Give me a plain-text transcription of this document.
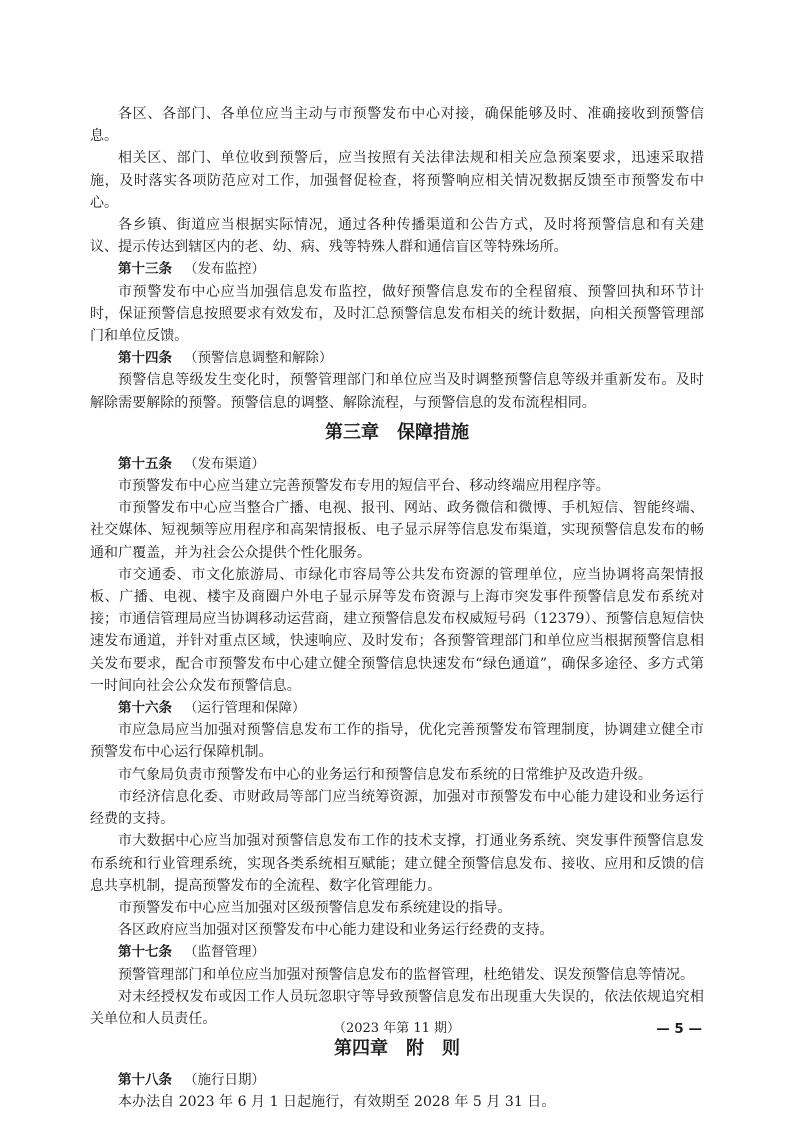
各区、各部门、各单位应当主动与市预警发布中心对接，确保能够及时、准确接收到预警信息。

相关区、部门、单位收到预警后，应当按照有关法律法规和相关应急预案要求，迅速采取措施，及时落实各项防范应对工作，加强督促检查，将预警响应相关情况数据反馈至市预警发布中心。

各乡镇、街道应当根据实际情况，通过各种传播渠道和公告方式，及时将预警信息和有关建议、提示传达到辖区内的老、幼、病、残等特殊人群和通信盲区等特殊场所。

第十三条 （发布监控）

市预警发布中心应当加强信息发布监控，做好预警信息发布的全程留痕、预警回执和环节计时，保证预警信息按照要求有效发布，及时汇总预警信息发布相关的统计数据，向相关预警管理部门和单位反馈。

第十四条 （预警信息调整和解除）

预警信息等级发生变化时，预警管理部门和单位应当及时调整预警信息等级并重新发布。及时解除需要解除的预警。预警信息的调整、解除流程，与预警信息的发布流程相同。

第三章　保障措施

第十五条 （发布渠道）

市预警发布中心应当建立完善预警发布专用的短信平台、移动终端应用程序等。

市预警发布中心应当整合广播、电视、报刊、网站、政务微信和微博、手机短信、智能终端、社交媒体、短视频等应用程序和高架情报板、电子显示屏等信息发布渠道，实现预警信息发布的畅通和广覆盖，并为社会公众提供个性化服务。

市交通委、市文化旅游局、市绿化市容局等公共发布资源的管理单位，应当协调将高架情报板、广播、电视、楼宇及商圈户外电子显示屏等发布资源与上海市突发事件预警信息发布系统对接；市通信管理局应当协调移动运营商，建立预警信息发布权威短号码（12379）、预警信息短信快速发布通道，并针对重点区域，快速响应、及时发布；各预警管理部门和单位应当根据预警信息相关发布要求，配合市预警发布中心建立健全预警信息快速发布“绿色通道”，确保多途径、多方式第一时间向社会公众发布预警信息。

第十六条 （运行管理和保障）

市应急局应当加强对预警信息发布工作的指导，优化完善预警发布管理制度，协调建立健全市预警发布中心运行保障机制。

市气象局负责市预警发布中心的业务运行和预警信息发布系统的日常维护及改造升级。

市经济信息化委、市财政局等部门应当统筹资源，加强对市预警发布中心能力建设和业务运行经费的支持。

市大数据中心应当加强对预警信息发布工作的技术支撑，打通业务系统、突发事件预警信息发布系统和行业管理系统，实现各类系统相互赋能；建立健全预警信息发布、接收、应用和反馈的信息共享机制，提高预警发布的全流程、数字化管理能力。

市预警发布中心应当加强对区级预警信息发布系统建设的指导。

各区政府应当加强对区预警发布中心能力建设和业务运行经费的支持。

第十七条 （监督管理）

预警管理部门和单位应当加强对预警信息发布的监督管理，杜绝错发、误发预警信息等情况。

对未经授权发布或因工作人员玩忽职守等导致预警信息发布出现重大失误的，依法依规追究相关单位和人员责任。

第四章　附　则

第十八条 （施行日期）

本办法自 2023 年 6 月 1 日起施行，有效期至 2028 年 5 月 31 日。

（2023 年第 11 期）	— 5 —
